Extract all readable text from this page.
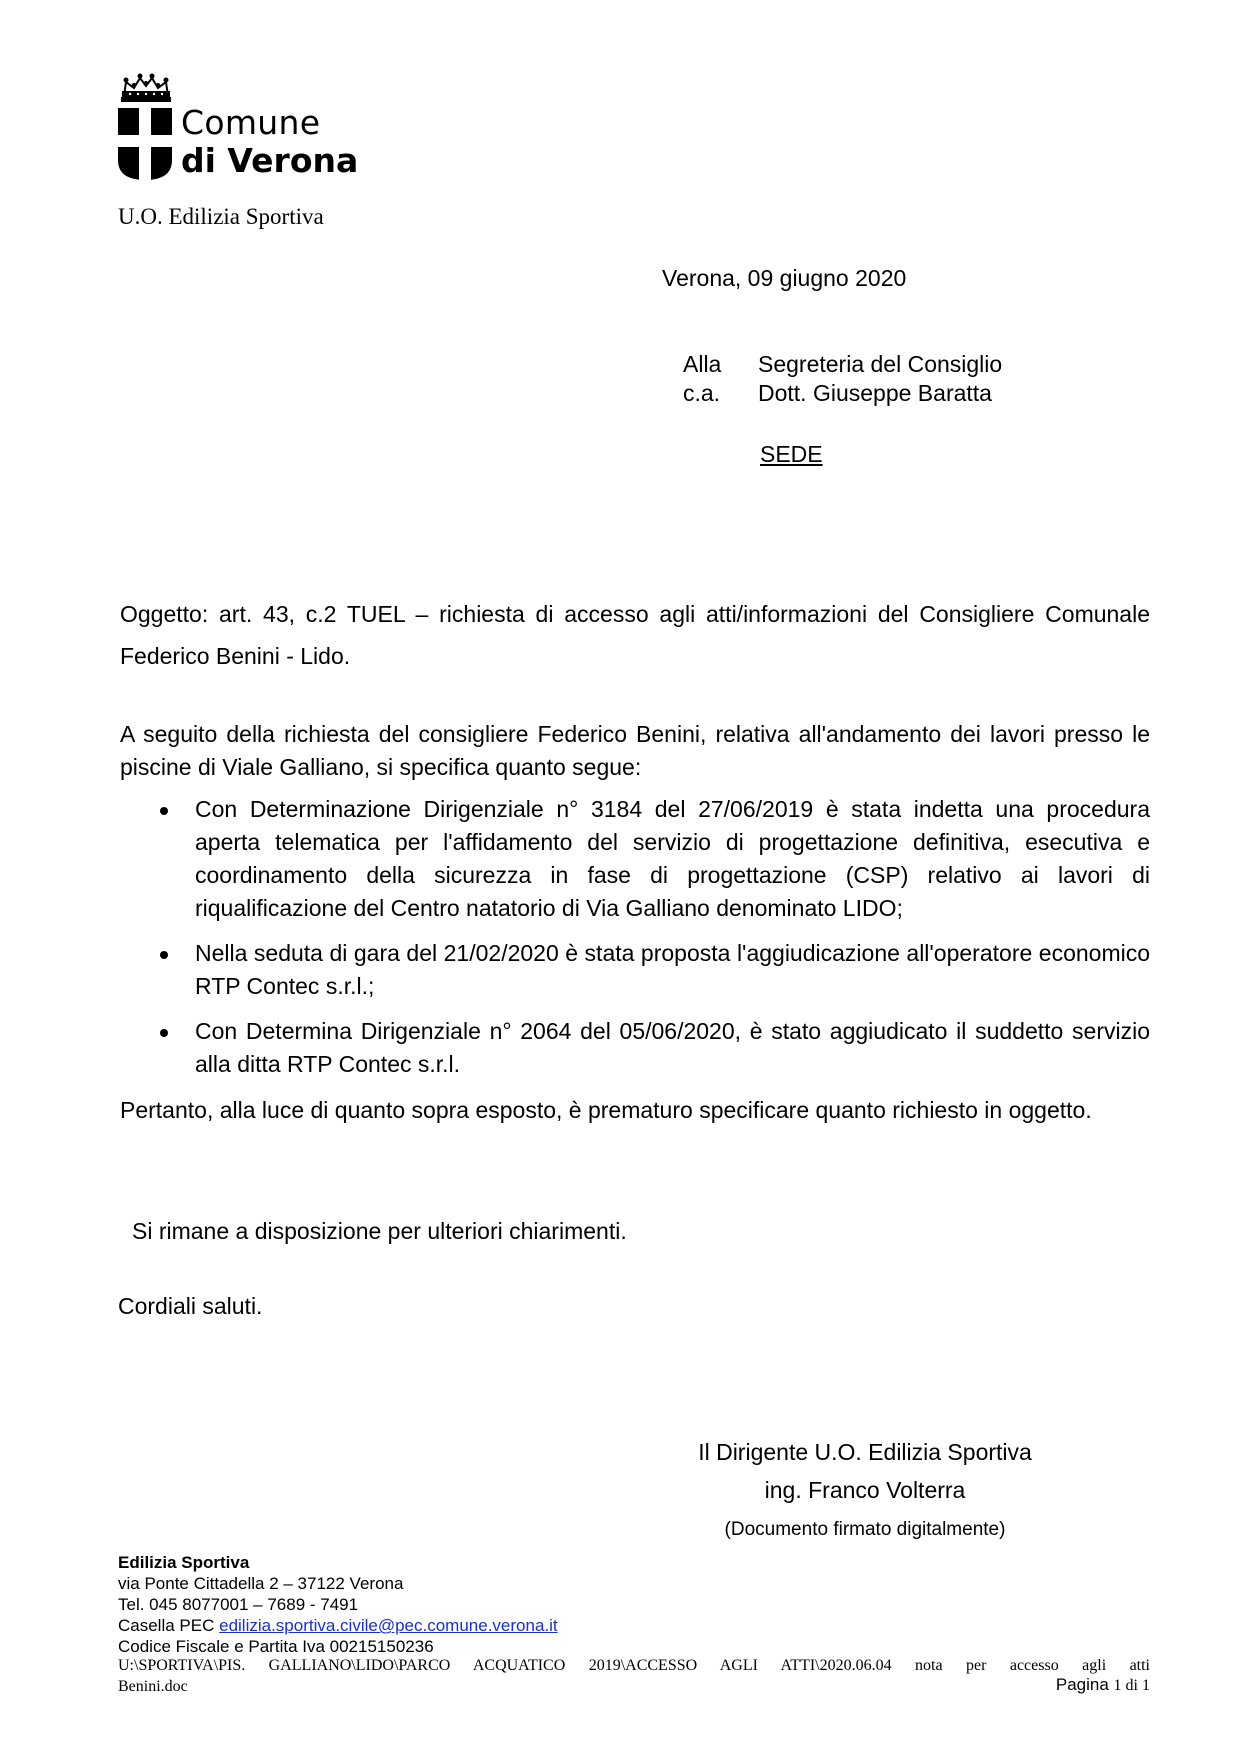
Comune
di Verona
U.O. Edilizia Sportiva
Verona, 09 giugno 2020
Alla	Segreteria del Consiglio
c.a.	Dott. Giuseppe Baratta
SEDE
Oggetto: art. 43, c.2 TUEL – richiesta di accesso agli atti/informazioni del Consigliere Comunale Federico Benini - Lido.
A seguito della richiesta del consigliere Federico Benini, relativa all'andamento dei lavori presso le piscine di Viale Galliano, si specifica quanto segue:
Con Determinazione Dirigenziale n° 3184 del 27/06/2019 è stata indetta una procedura aperta telematica per l'affidamento del servizio di progettazione definitiva, esecutiva e coordinamento della sicurezza in fase di progettazione (CSP) relativo ai lavori di riqualificazione del Centro natatorio di Via Galliano denominato LIDO;
Nella seduta di gara del 21/02/2020 è stata proposta l'aggiudicazione all'operatore economico RTP Contec s.r.l.;
Con Determina Dirigenziale n° 2064 del 05/06/2020, è stato aggiudicato il suddetto servizio alla ditta RTP Contec s.r.l.
Pertanto, alla luce di quanto sopra esposto, è prematuro specificare quanto richiesto in oggetto.
Si rimane a disposizione per ulteriori chiarimenti.
Cordiali saluti.
Il Dirigente U.O. Edilizia Sportiva
ing. Franco Volterra
(Documento firmato digitalmente)
Edilizia Sportiva
via Ponte Cittadella 2 – 37122 Verona
Tel. 045 8077001 – 7689 - 7491
Casella PEC edilizia.sportiva.civile@pec.comune.verona.it
Codice Fiscale e Partita Iva 00215150236
U:\SPORTIVA\PIS. GALLIANO\LIDO\PARCO ACQUATICO 2019\ACCESSO AGLI ATTI\2020.06.04 nota per accesso agli atti
Benini.doc	Pagina 1 di 1
